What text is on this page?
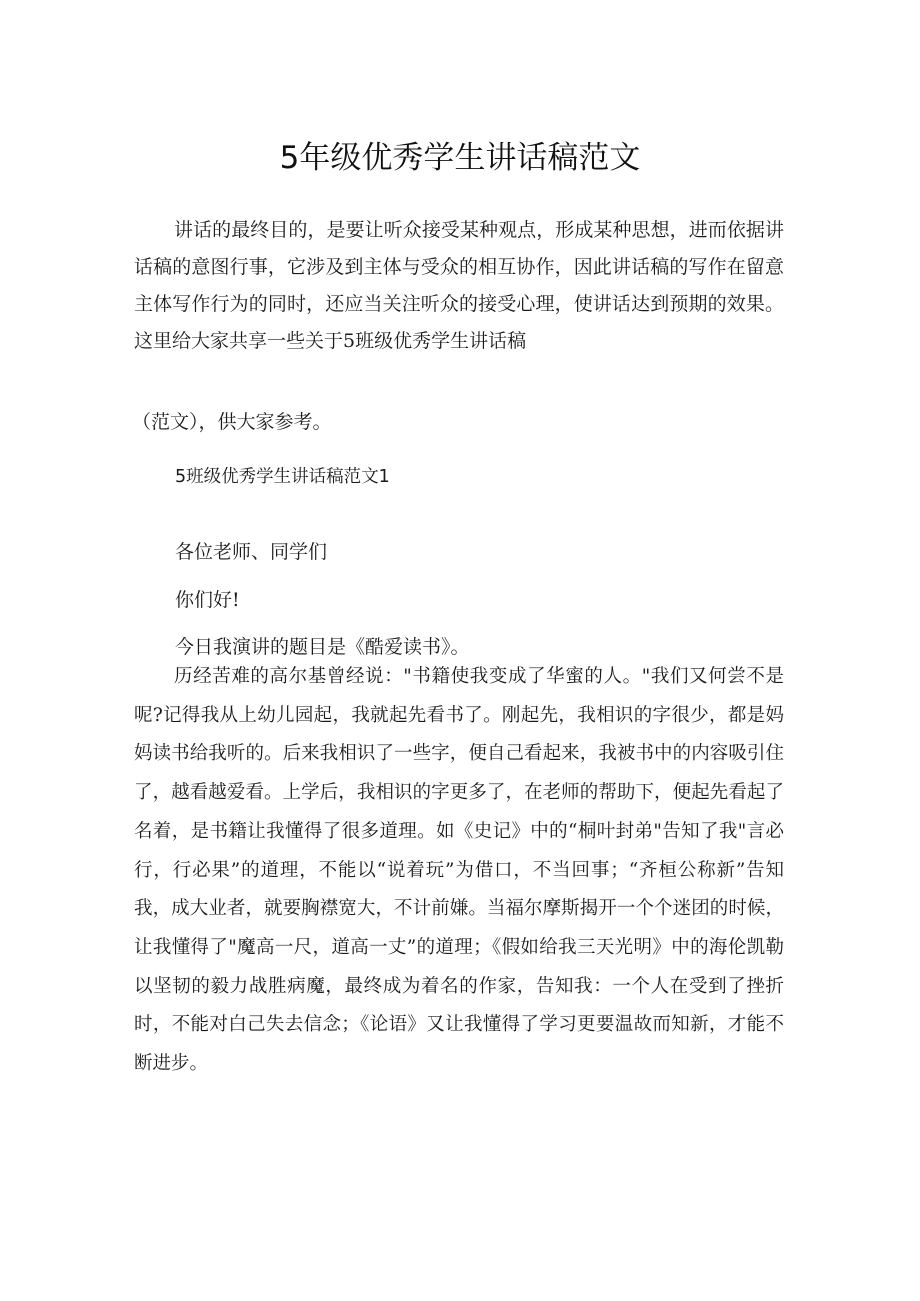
5年级优秀学生讲话稿范文

讲话的最终目的，是要让听众接受某种观点，形成某种思想，进而依据讲话稿的意图行事，它涉及到主体与受众的相互协作，因此讲话稿的写作在留意主体写作行为的同时，还应当关注听众的接受心理，使讲话达到预期的效果。这里给大家共享一些关于5班级优秀学生讲话稿

（范文），供大家参考。
5班级优秀学生讲话稿范文1
各位老师、同学们
你们好!
今日我演讲的题目是《酷爱读书》。

历经苦难的高尔基曾经说："书籍使我变成了华蜜的人。"我们又何尝不是呢?记得我从上幼儿园起，我就起先看书了。刚起先，我相识的字很少，都是妈妈读书给我听的。后来我相识了一些字，便自己看起来，我被书中的内容吸引住了，越看越爱看。上学后，我相识的字更多了，在老师的帮助下，便起先看起了名着，是书籍让我懂得了很多道理。如《史记》中的“桐叶封弟"告知了我"言必行，行必果”的道理，不能以“说着玩”为借口，不当回事；“齐桓公称新”告知我，成大业者，就要胸襟宽大，不计前嫌。当福尔摩斯揭开一个个迷团的时候，让我懂得了"魔高一尺，道高一丈”的道理；《假如给我三天光明》中的海伦凯勒以坚韧的毅力战胜病魔，最终成为着名的作家，告知我：一个人在受到了挫折时，不能对白己失去信念；《论语》又让我懂得了学习更要温故而知新，才能不断进步。
